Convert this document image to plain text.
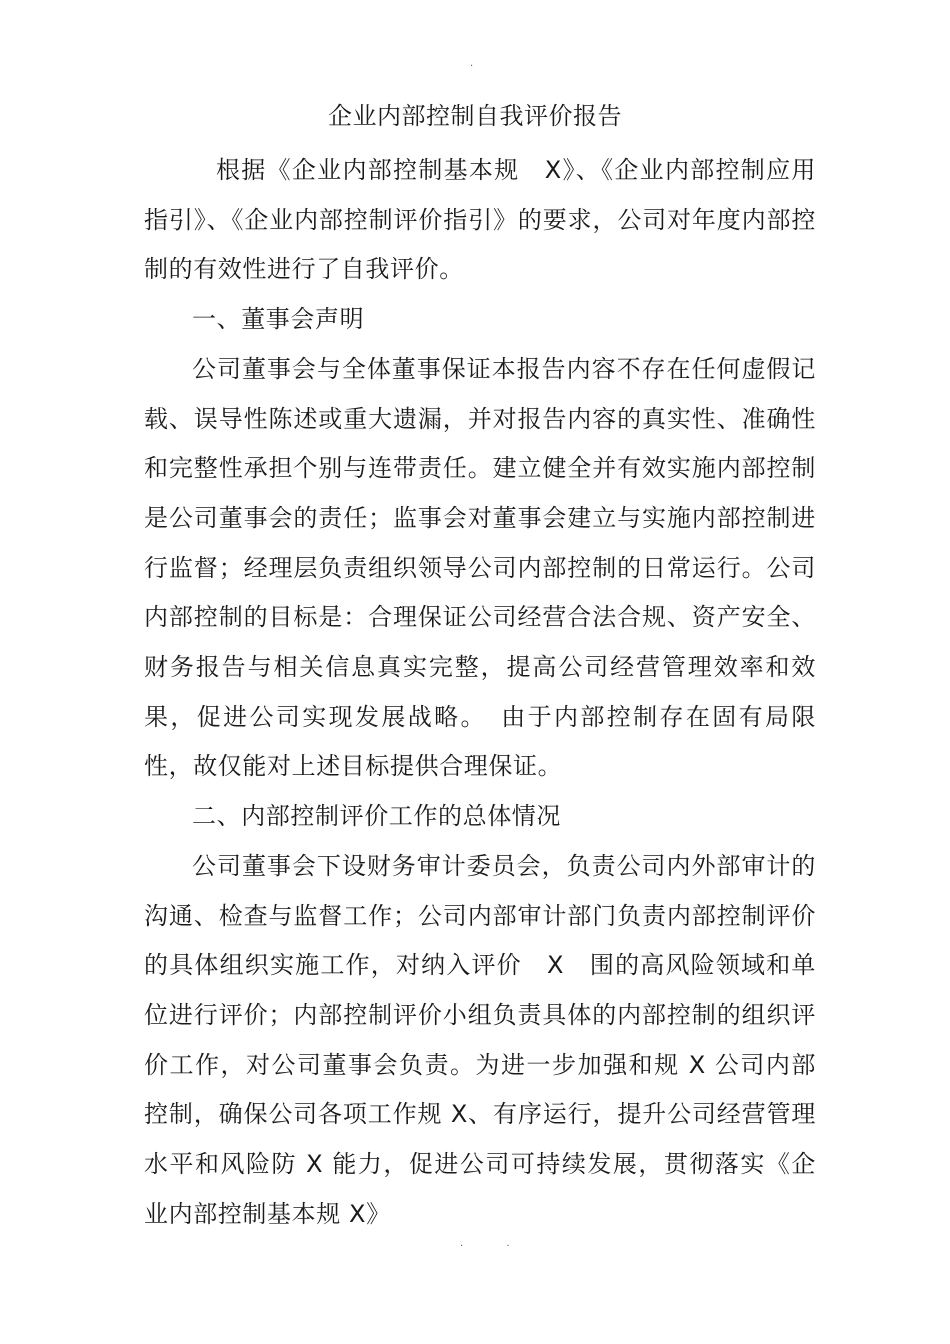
.
企业内部控制自我评价报告

根据《企业内部控制基本规　X》、《企业内部控制应用指引》、《企业内部控制评价指引》的要求，公司对年度内部控制的有效性进行了自我评价。

一、董事会声明

公司董事会与全体董事保证本报告内容不存在任何虚假记载、误导性陈述或重大遗漏，并对报告内容的真实性、准确性和完整性承担个别与连带责任。建立健全并有效实施内部控制是公司董事会的责任；监事会对董事会建立与实施内部控制进行监督；经理层负责组织领导公司内部控制的日常运行。公司内部控制的目标是：合理保证公司经营合法合规、资产安全、财务报告与相关信息真实完整，提高公司经营管理效率和效果，促进公司实现发展战略。　由于内部控制存在固有局限性，故仅能对上述目标提供合理保证。

二、内部控制评价工作的总体情况

公司董事会下设财务审计委员会，负责公司内外部审计的沟通、检查与监督工作；公司内部审计部门负责内部控制评价的具体组织实施工作，对纳入评价　X　围的高风险领域和单位进行评价；内部控制评价小组负责具体的内部控制的组织评价工作，对公司董事会负责。为进一步加强和规 X 公司内部控制，确保公司各项工作规 X、有序运行，提升公司经营管理水平和风险防 X 能力，促进公司可持续发展，贯彻落实《企业内部控制基本规 X》

. .
